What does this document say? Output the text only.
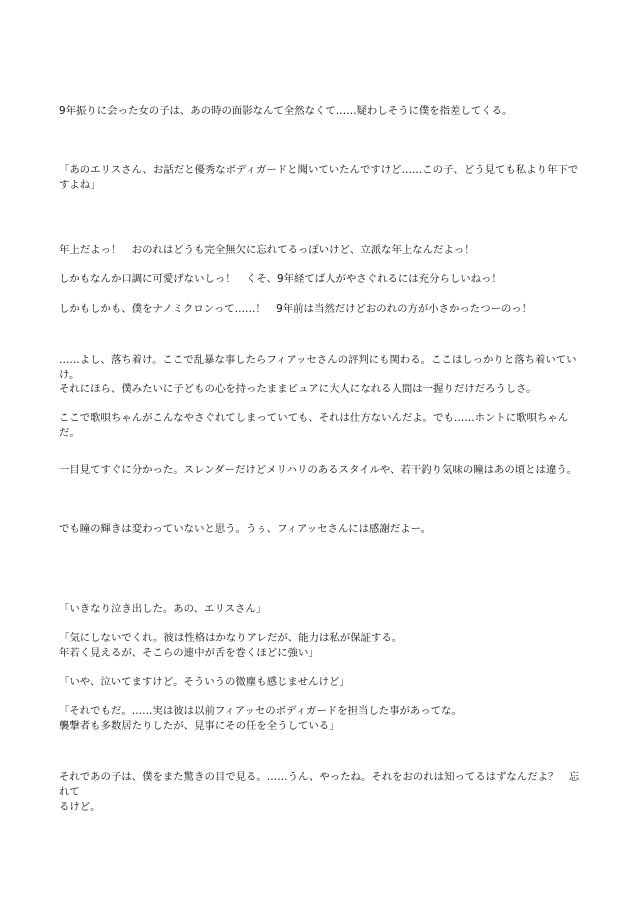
9年振りに会った女の子は、あの時の面影なんて全然なくて……疑わしそうに僕を指差してくる。
「あのエリスさん、お話だと優秀なボディガードと聞いていたんですけど……この子、どう見ても私より年下ですよね」
年上だよっ！　おのれはどうも完全無欠に忘れてるっぽいけど、立派な年上なんだよっ！
しかもなんか口調に可愛げないしっ！　くそ、9年経てば人がやさぐれるには充分らしいねっ！
しかもしかも、僕をナノミクロンって……！　9年前は当然だけどおのれの方が小さかったつーのっ！
……よし、落ち着け。ここで乱暴な事したらフィアッセさんの評判にも関わる。ここはしっかりと落ち着いていけ。
それにほら、僕みたいに子どもの心を持ったままピュアに大人になれる人間は一握りだけだろうしさ。
ここで歌唄ちゃんがこんなやさぐれてしまっていても、それは仕方ないんだよ。でも……ホントに歌唄ちゃんだ。
一目見てすぐに分かった。スレンダーだけどメリハリのあるスタイルや、若干釣り気味の瞳はあの頃とは違う。
でも瞳の輝きは変わっていないと思う。うぅ、フィアッセさんには感謝だよー。
「いきなり泣き出した。あの、エリスさん」
「気にしないでくれ。彼は性格はかなりアレだが、能力は私が保証する。
年若く見えるが、そこらの連中が舌を巻くほどに強い」
「いや、泣いてますけど。そういうの微塵も感じませんけど」
「それでもだ。……実は彼は以前フィアッセのボディガードを担当した事があってな。
襲撃者も多数居たりしたが、見事にその任を全うしている」
それであの子は、僕をまた驚きの目で見る。……うん、やったね。それをおのれは知ってるはずなんだよ？　忘れて
るけど。
